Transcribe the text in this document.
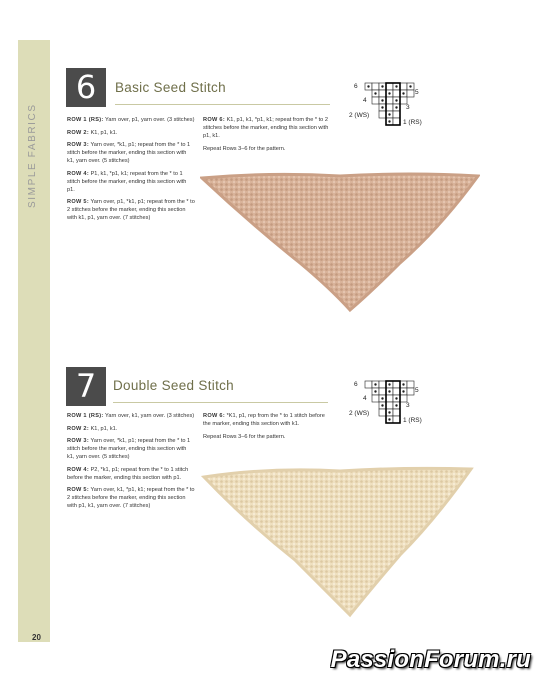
20
6	Basic Seed Stitch

ROW 1 (RS): Yarn over, p1, yarn over. (3 stitches)

ROW 2: K1, p1, k1.

ROW 3: Yarn over, *k1, p1; repeat from the * to 1 stitch before the marker, ending this section with k1, yarn over. (5 stitches)

ROW 4: P1, k1, *p1, k1; repeat from the * to 1 stitch before the marker, ending this section with p1.

ROW 5: Yarn over, p1, *k1, p1; repeat from the * to 2 stitches before the marker, ending this section with k1, p1, yarn over. (7 stitches)

ROW 6: K1, p1, k1, *p1, k1; repeat from the * to 2 stitches before the marker, ending this section with p1, k1.

Repeat Rows 3–6 for the pattern.

6
5
4
3
2 (WS)
1 (RS)
7	Double Seed Stitch

ROW 1 (RS): Yarn over, k1, yarn over. (3 stitches)

ROW 2: K1, p1, k1.

ROW 3: Yarn over, *k1, p1; repeat from the * to 1 stitch before the marker, ending this section with k1, yarn over. (5 stitches)

ROW 4: P2, *k1, p1; repeat from the * to 1 stitch before the marker, ending this section with p1.

ROW 5: Yarn over, k1, *p1, k1; repeat from the * to 2 stitches before the marker, ending this section with p1, k1, yarn over. (7 stitches)

ROW 6: *K1, p1, rep from the * to 1 stitch before the marker, ending this section with k1.

Repeat Rows 3–6 for the pattern.

6
5
4
3
2 (WS)
1 (RS)
PassionForum.ru
